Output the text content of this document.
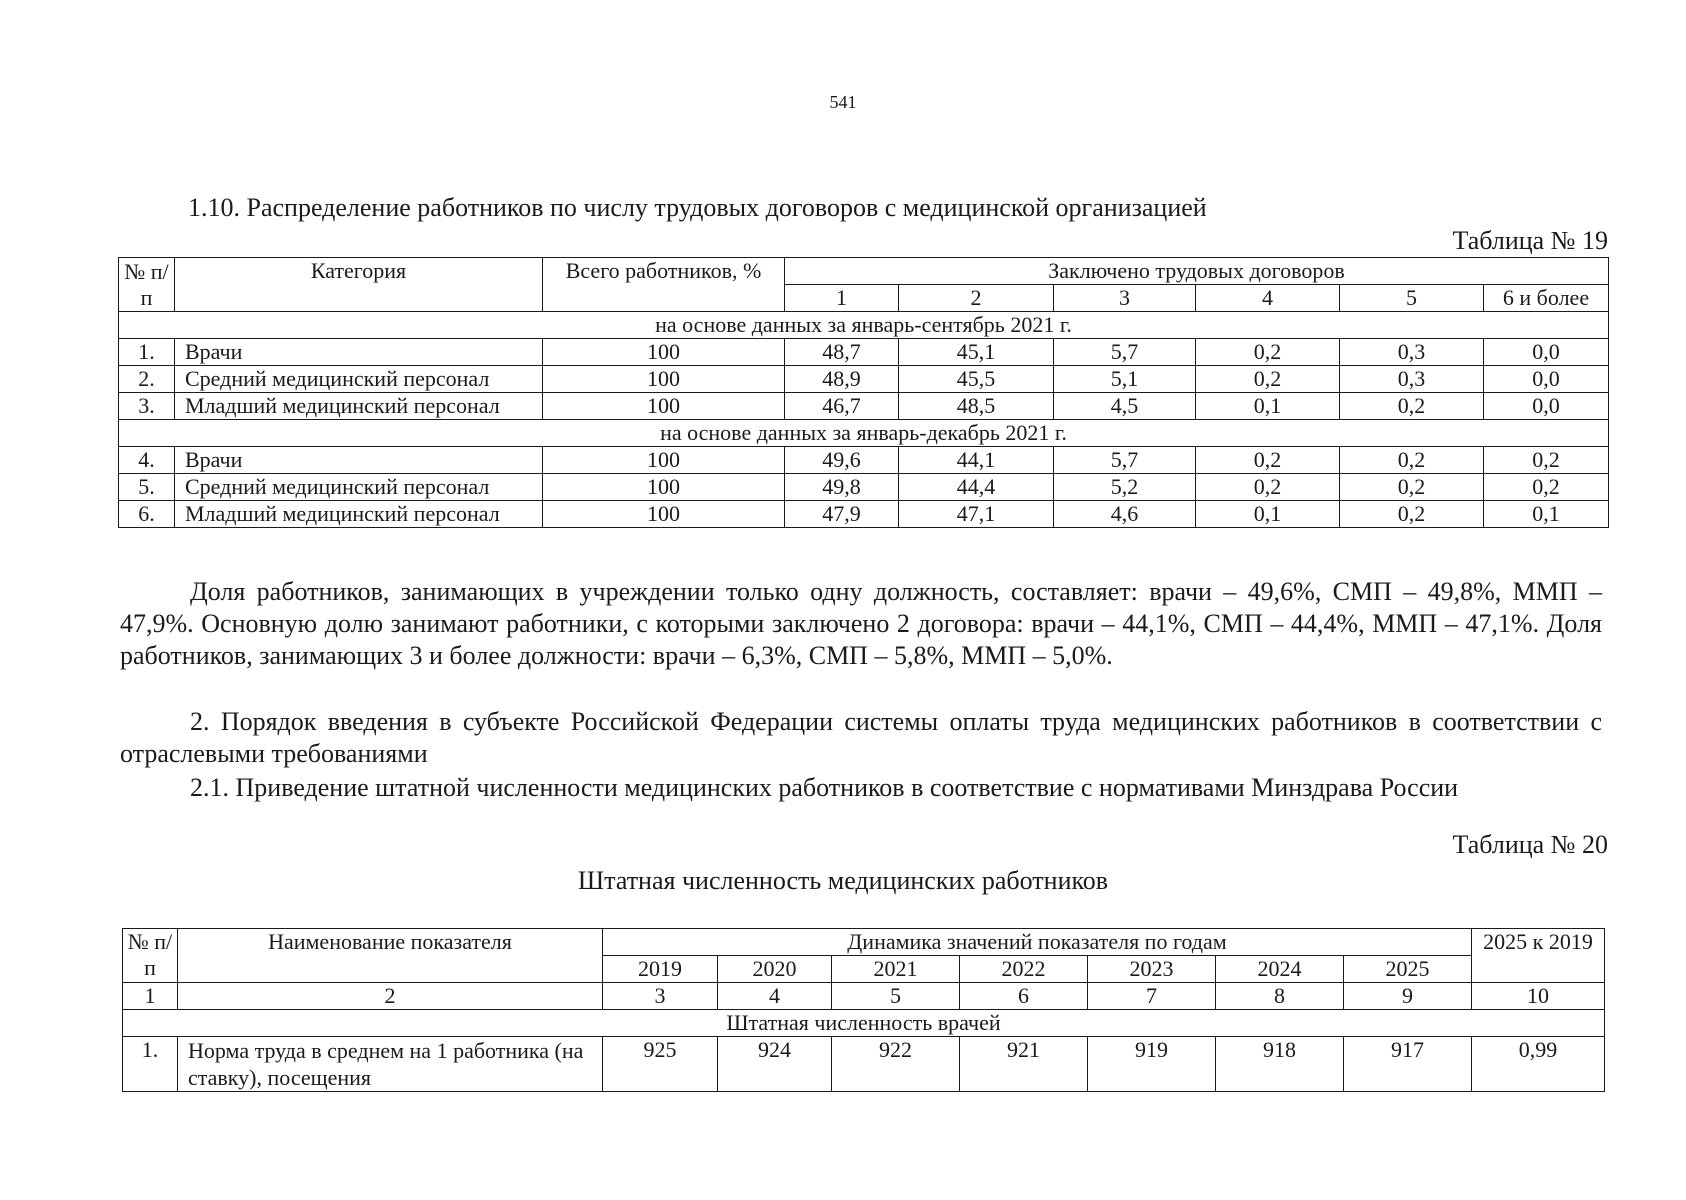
541
1.10. Распределение работников по числу трудовых договоров с медицинской организацией
Таблица № 19
№ п/п	Категория	Всего работников, %	Заключено трудовых договоров					
			1	2	3	4	5	6 и более
на основе данных за январь-сентябрь 2021 г.								
1.	Врачи	100	48,7	45,1	5,7	0,2	0,3	0,0
2.	Средний медицинский персонал	100	48,9	45,5	5,1	0,2	0,3	0,0
3.	Младший медицинский персонал	100	46,7	48,5	4,5	0,1	0,2	0,0
на основе данных за январь-декабрь 2021 г.								
4.	Врачи	100	49,6	44,1	5,7	0,2	0,2	0,2
5.	Средний медицинский персонал	100	49,8	44,4	5,2	0,2	0,2	0,2
6.	Младший медицинский персонал	100	47,9	47,1	4,6	0,1	0,2	0,1

Доля работников, занимающих в учреждении только одну должность, составляет: врачи – 49,6%, СМП – 49,8%, ММП – 47,9%. Основную долю занимают работники, с которыми заключено 2 договора: врачи – 44,1%, СМП – 44,4%, ММП – 47,1%. Доля работников, занимающих 3 и более должности: врачи – 6,3%, СМП – 5,8%, ММП – 5,0%.

2. Порядок введения в субъекте Российской Федерации системы оплаты труда медицинских работников в соответствии с отраслевыми требованиями

2.1. Приведение штатной численности медицинских работников в соответствие с нормативами Минздрава России

Таблица № 20
Штатная численность медицинских работников
№ п/п	Наименование показателя	Динамика значений показателя по годам							2025 к 2019
		2019	2020	2021	2022	2023	2024	2025	
1	2	3	4	5	6	7	8	9	10
Штатная численность врачей									
1.	Норма труда в среднем на 1 работника (на ставку), посещения	925	924	922	921	919	918	917	0,99
